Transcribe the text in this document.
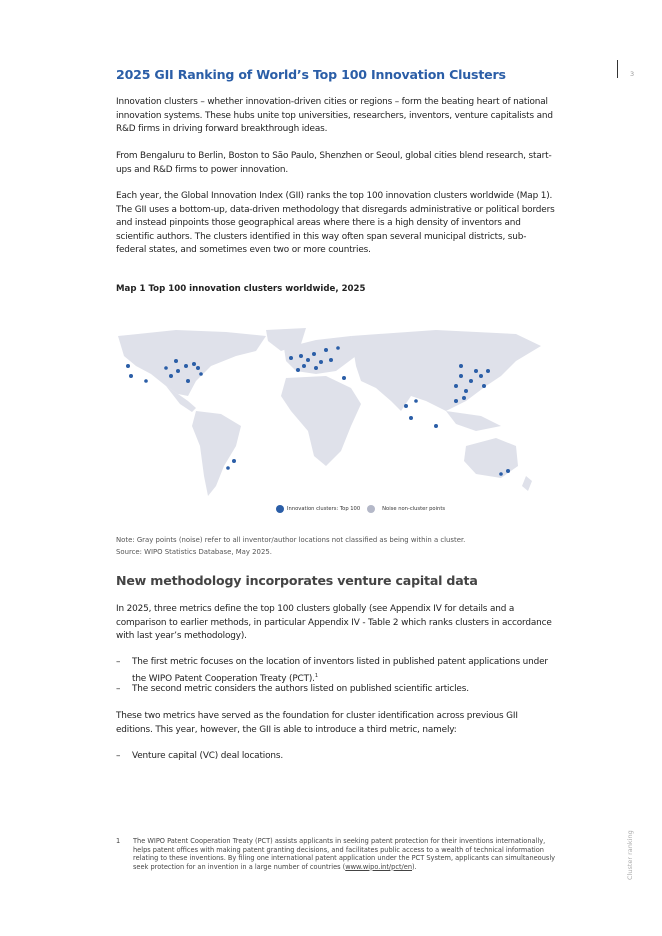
3
2025 GII Ranking of World’s Top 100 Innovation Clusters

Innovation clusters – whether innovation-driven cities or regions – form the beating heart of national innovation systems. These hubs unite top universities, researchers, inventors, venture capitalists and R&D firms in driving forward breakthrough ideas.

From Bengaluru to Berlin, Boston to São Paulo, Shenzhen or Seoul, global cities blend research, start-ups and R&D firms to power innovation.

Each year, the Global Innovation Index (GII) ranks the top 100 innovation clusters worldwide (Map 1). The GII uses a bottom-up, data-driven methodology that disregards administrative or political borders and instead pinpoints those geographical areas where there is a high density of inventors and scientific authors. The clusters identified in this way often span several municipal districts, sub-federal states, and sometimes even two or more countries.

Map 1 Top 100 innovation clusters worldwide, 2025
Innovation clusters: Top 100	Noise non-cluster points
Note: Gray points (noise) refer to all inventor/author locations not classified as being within a cluster.
Source: WIPO Statistics Database, May 2025.
New methodology incorporates venture capital data

In 2025, three metrics define the top 100 clusters globally (see Appendix IV for details and a comparison to earlier methods, in particular Appendix IV - Table 2 which ranks clusters in accordance with last year’s methodology).

–	The first metric focuses on the location of inventors listed in published patent applications under the WIPO Patent Cooperation Treaty (PCT).$^1$
–	The second metric considers the authors listed on published scientific articles.

These two metrics have served as the foundation for cluster identification across previous GII editions. This year, however, the GII is able to introduce a third metric, namely:

–	Venture capital (VC) deal locations.
1	The WIPO Patent Cooperation Treaty (PCT) assists applicants in seeking patent protection for their inventions internationally, helps patent offices with making patent granting decisions, and facilitates public access to a wealth of technical information relating to these inventions. By filing one international patent application under the PCT System, applicants can simultaneously seek protection for an invention in a large number of countries (www.wipo.int/pct/en).	Cluster ranking
